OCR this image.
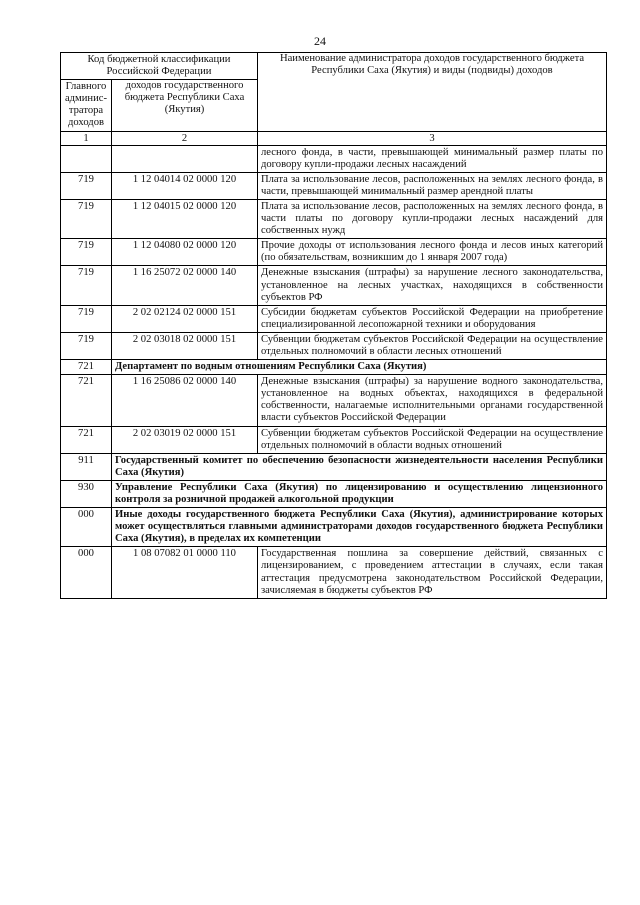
24
Код бюджетной классификации Российской Федерации		Наименование администратора доходов государственного бюджета Республики Саха (Якутия) и виды (подвиды) доходов
Главного админис-тратора доходов	доходов государственного бюджета Республики Саха (Якутия)	
1	2	3
		лесного фонда, в части, превышающей минимальный размер платы по договору купли-продажи лесных насаждений
719	1 12 04014 02 0000 120	Плата за использование лесов, расположенных на землях лесного фонда, в части, превышающей минимальный размер арендной платы
719	1 12 04015 02 0000 120	Плата за использование лесов, расположенных на землях лесного фонда, в части платы по договору купли-продажи лесных насаждений для собственных нужд
719	1 12 04080 02 0000 120	Прочие доходы от использования лесного фонда и лесов иных категорий (по обязательствам, возникшим до 1 января 2007 года)
719	1 16 25072 02 0000 140	Денежные взыскания (штрафы) за нарушение лесного законодательства, установленное на лесных участках, находящихся в собственности субъектов РФ
719	2 02 02124 02 0000 151	Субсидии бюджетам субъектов Российской Федерации на приобретение специализированной лесопожарной техники и оборудования
719	2 02 03018 02 0000 151	Субвенции бюджетам субъектов Российской Федерации на осуществление отдельных полномочий в области лесных отношений
721	Департамент по водным отношениям Республики Саха (Якутия)	
721	1 16 25086 02 0000 140	Денежные взыскания (штрафы) за нарушение водного законодательства, установленное на водных объектах, находящихся в федеральной собственности, налагаемые исполнительными органами государственной власти субъектов Российской Федерации
721	2 02 03019 02 0000 151	Субвенции бюджетам субъектов Российской Федерации на осуществление отдельных полномочий в области водных отношений
911	Государственный комитет по обеспечению безопасности жизнедеятельности населения Республики Саха (Якутия)	
930	Управление Республики Саха (Якутия) по лицензированию и осуществлению лицензионного контроля за розничной продажей алкогольной продукции	
000	Иные доходы государственного бюджета Республики Саха (Якутия), администрирование которых может осуществляться главными администраторами доходов государственного бюджета Республики Саха (Якутия), в пределах их компетенции	
000	1 08 07082 01 0000 110	Государственная пошлина за совершение действий, связанных с лицензированием, с проведением аттестации в случаях, если такая аттестация предусмотрена законодательством Российской Федерации, зачисляемая в бюджеты субъектов РФ
